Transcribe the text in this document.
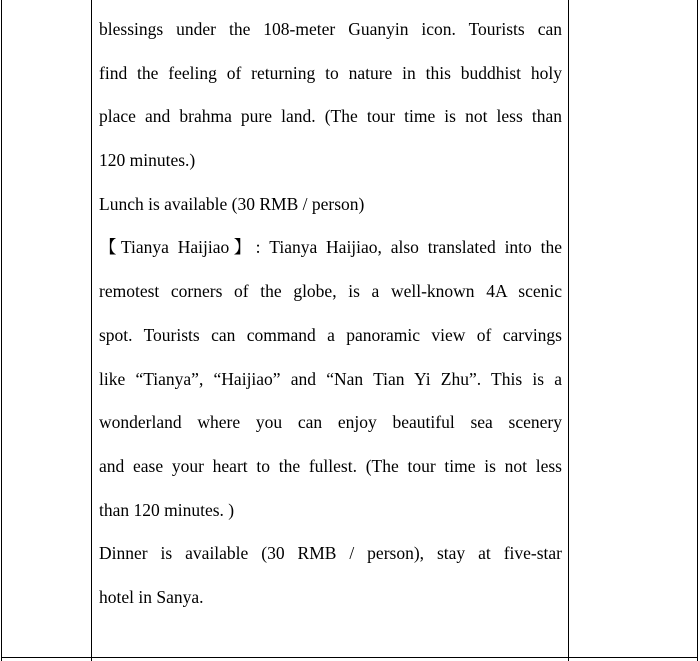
blessings under the 108-meter Guanyin icon. Tourists can
find the feeling of returning to nature in this buddhist holy
place and brahma pure land. (The tour time is not less than
120 minutes.)
Lunch is available (30 RMB / person)
【Tianya Haijiao】: Tianya Haijiao, also translated into the
remotest corners of the globe, is a well-known 4A scenic
spot. Tourists can command a panoramic view of carvings
like “Tianya”, “Haijiao” and “Nan Tian Yi Zhu”. This is a
wonderland where you can enjoy beautiful sea scenery
and ease your heart to the fullest. (The tour time is not less
than 120 minutes. )
Dinner is available (30 RMB / person), stay at five-star
hotel in Sanya.
